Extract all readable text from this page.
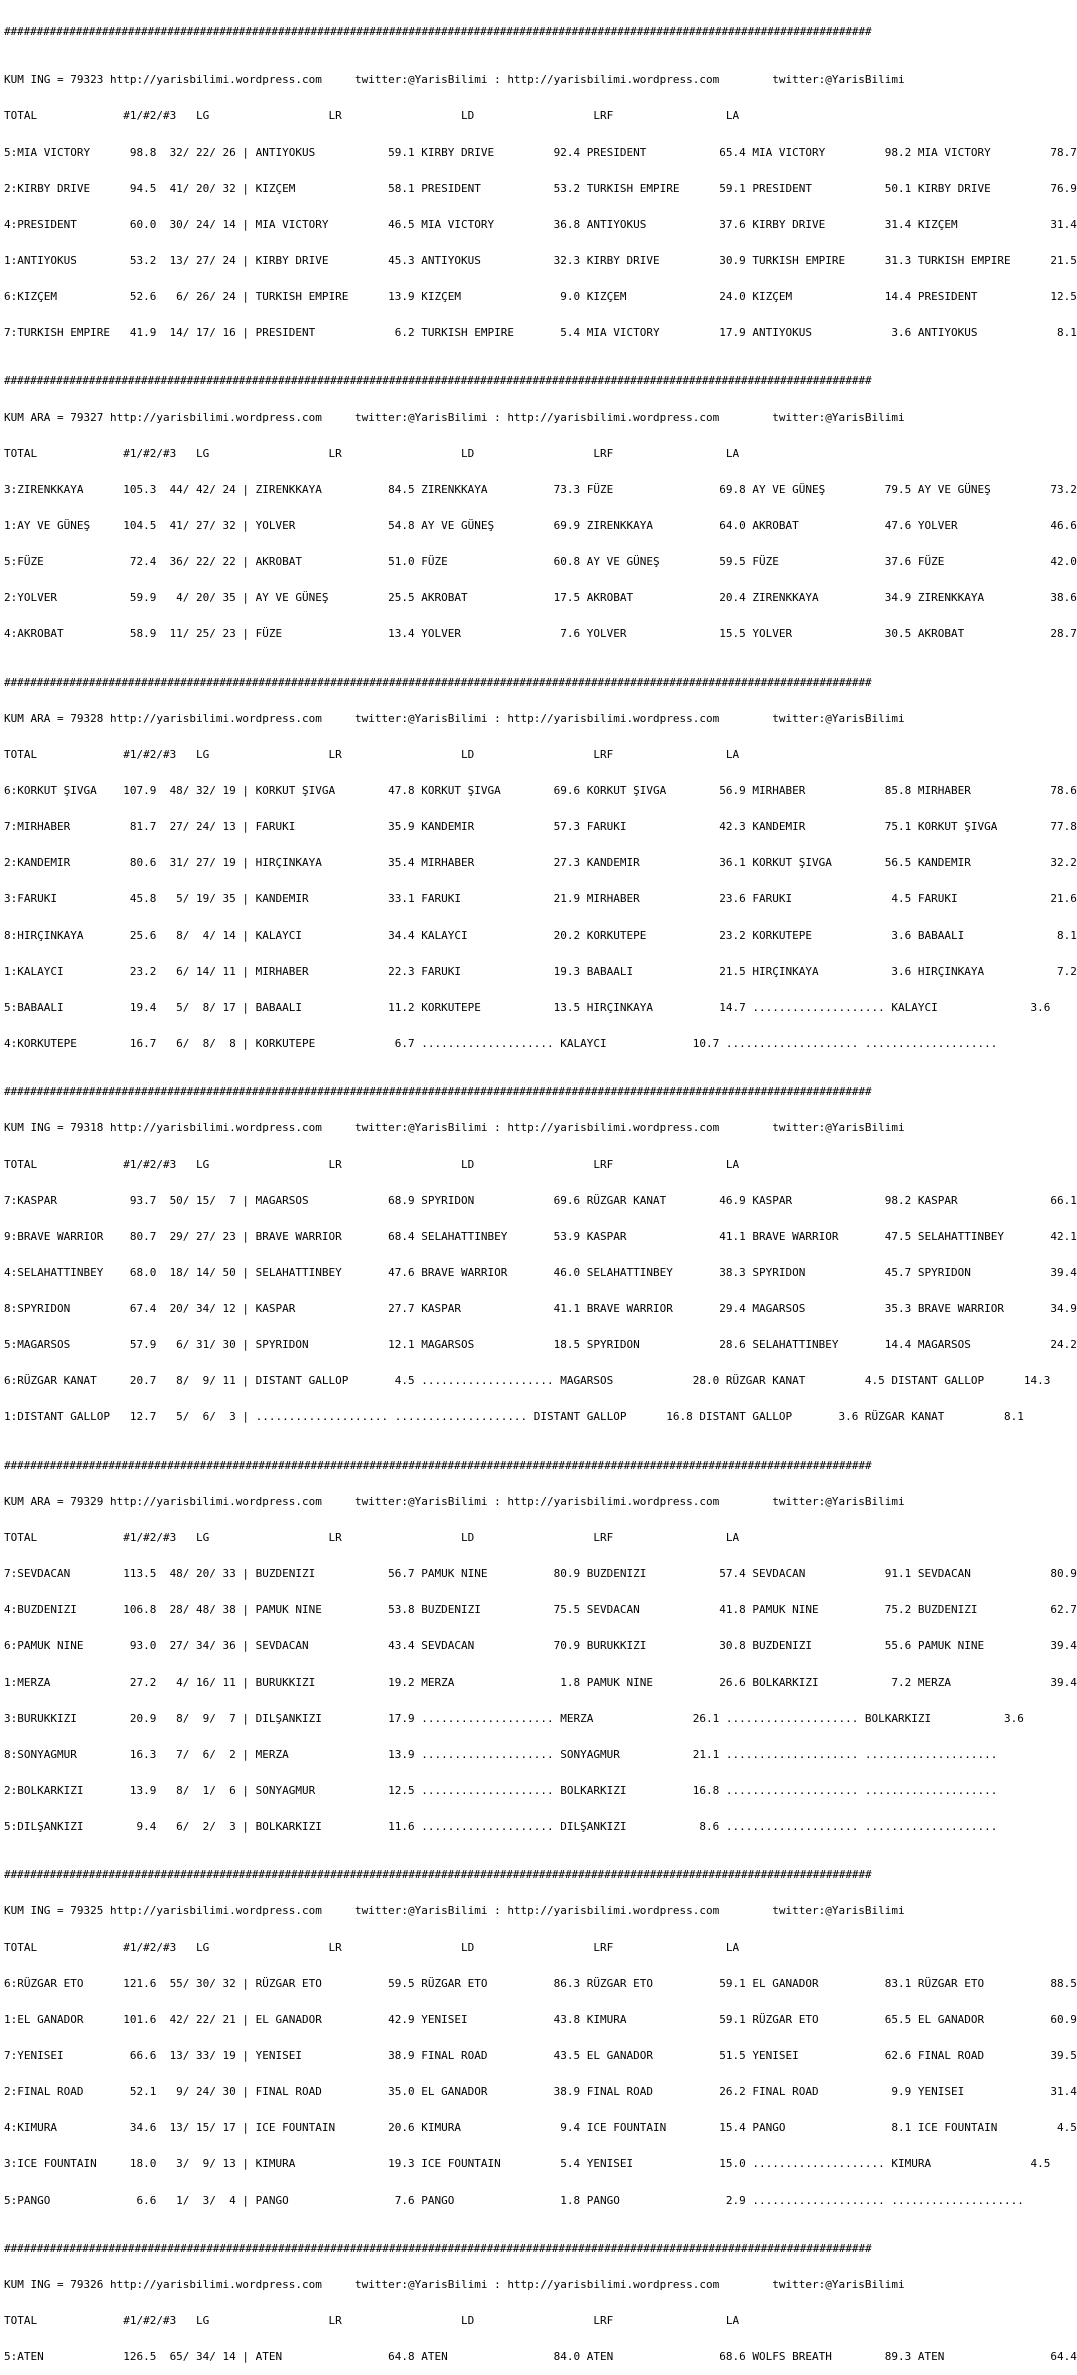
#####################################################################################################################################

KUM ING = 79323 http://yarisbilimi.wordpress.com     twitter:@YarisBilimi : http://yarisbilimi.wordpress.com        twitter:@YarisBilimi

TOTAL             #1/#2/#3   LG                  LR                  LD                  LRF                 LA

5:MIA VICTORY      98.8  32/ 22/ 26 | ANTIYOKUS           59.1 KIRBY DRIVE         92.4 PRESIDENT           65.4 MIA VICTORY         98.2 MIA VICTORY         78.7

2:KIRBY DRIVE      94.5  41/ 20/ 32 | KIZÇEM              58.1 PRESIDENT           53.2 TURKISH EMPIRE      59.1 PRESIDENT           50.1 KIRBY DRIVE         76.9

4:PRESIDENT        60.0  30/ 24/ 14 | MIA VICTORY         46.5 MIA VICTORY         36.8 ANTIYOKUS           37.6 KIRBY DRIVE         31.4 KIZÇEM              31.4

1:ANTIYOKUS        53.2  13/ 27/ 24 | KIRBY DRIVE         45.3 ANTIYOKUS           32.3 KIRBY DRIVE         30.9 TURKISH EMPIRE      31.3 TURKISH EMPIRE      21.5

6:KIZÇEM           52.6   6/ 26/ 24 | TURKISH EMPIRE      13.9 KIZÇEM               9.0 KIZÇEM              24.0 KIZÇEM              14.4 PRESIDENT           12.5

7:TURKISH EMPIRE   41.9  14/ 17/ 16 | PRESIDENT            6.2 TURKISH EMPIRE       5.4 MIA VICTORY         17.9 ANTIYOKUS            3.6 ANTIYOKUS            8.1

#####################################################################################################################################

KUM ARA = 79327 http://yarisbilimi.wordpress.com     twitter:@YarisBilimi : http://yarisbilimi.wordpress.com        twitter:@YarisBilimi

TOTAL             #1/#2/#3   LG                  LR                  LD                  LRF                 LA

3:ZIRENKKAYA      105.3  44/ 42/ 24 | ZIRENKKAYA          84.5 ZIRENKKAYA          73.3 FÜZE                69.8 AY VE GÜNEŞ         79.5 AY VE GÜNEŞ         73.2

1:AY VE GÜNEŞ     104.5  41/ 27/ 32 | YOLVER              54.8 AY VE GÜNEŞ         69.9 ZIRENKKAYA          64.0 AKROBAT             47.6 YOLVER              46.6

5:FÜZE             72.4  36/ 22/ 22 | AKROBAT             51.0 FÜZE                60.8 AY VE GÜNEŞ         59.5 FÜZE                37.6 FÜZE                42.0

2:YOLVER           59.9   4/ 20/ 35 | AY VE GÜNEŞ         25.5 AKROBAT             17.5 AKROBAT             20.4 ZIRENKKAYA          34.9 ZIRENKKAYA          38.6

4:AKROBAT          58.9  11/ 25/ 23 | FÜZE                13.4 YOLVER               7.6 YOLVER              15.5 YOLVER              30.5 AKROBAT             28.7

#####################################################################################################################################

KUM ARA = 79328 http://yarisbilimi.wordpress.com     twitter:@YarisBilimi : http://yarisbilimi.wordpress.com        twitter:@YarisBilimi

TOTAL             #1/#2/#3   LG                  LR                  LD                  LRF                 LA

6:KORKUT ŞIVGA    107.9  48/ 32/ 19 | KORKUT ŞIVGA        47.8 KORKUT ŞIVGA        69.6 KORKUT ŞIVGA        56.9 MIRHABER            85.8 MIRHABER            78.6

7:MIRHABER         81.7  27/ 24/ 13 | FARUKI              35.9 KANDEMIR            57.3 FARUKI              42.3 KANDEMIR            75.1 KORKUT ŞIVGA        77.8

2:KANDEMIR         80.6  31/ 27/ 19 | HIRÇINKAYA          35.4 MIRHABER            27.3 KANDEMIR            36.1 KORKUT ŞIVGA        56.5 KANDEMIR            32.2

3:FARUKI           45.8   5/ 19/ 35 | KANDEMIR            33.1 FARUKI              21.9 MIRHABER            23.6 FARUKI               4.5 FARUKI              21.6

8:HIRÇINKAYA       25.6   8/  4/ 14 | KALAYCI             34.4 KALAYCI             20.2 KORKUTEPE           23.2 KORKUTEPE            3.6 BABAALI              8.1

1:KALAYCI          23.2   6/ 14/ 11 | MIRHABER            22.3 FARUKI              19.3 BABAALI             21.5 HIRÇINKAYA           3.6 HIRÇINKAYA           7.2

5:BABAALI          19.4   5/  8/ 17 | BABAALI             11.2 KORKUTEPE           13.5 HIRÇINKAYA          14.7 .................... KALAYCI              3.6

4:KORKUTEPE        16.7   6/  8/  8 | KORKUTEPE            6.7 .................... KALAYCI             10.7 .................... ....................

#####################################################################################################################################

KUM ING = 79318 http://yarisbilimi.wordpress.com     twitter:@YarisBilimi : http://yarisbilimi.wordpress.com        twitter:@YarisBilimi

TOTAL             #1/#2/#3   LG                  LR                  LD                  LRF                 LA

7:KASPAR           93.7  50/ 15/  7 | MAGARSOS            68.9 SPYRIDON            69.6 RÜZGAR KANAT        46.9 KASPAR              98.2 KASPAR              66.1

9:BRAVE WARRIOR    80.7  29/ 27/ 23 | BRAVE WARRIOR       68.4 SELAHATTINBEY       53.9 KASPAR              41.1 BRAVE WARRIOR       47.5 SELAHATTINBEY       42.1

4:SELAHATTINBEY    68.0  18/ 14/ 50 | SELAHATTINBEY       47.6 BRAVE WARRIOR       46.0 SELAHATTINBEY       38.3 SPYRIDON            45.7 SPYRIDON            39.4

8:SPYRIDON         67.4  20/ 34/ 12 | KASPAR              27.7 KASPAR              41.1 BRAVE WARRIOR       29.4 MAGARSOS            35.3 BRAVE WARRIOR       34.9

5:MAGARSOS         57.9   6/ 31/ 30 | SPYRIDON            12.1 MAGARSOS            18.5 SPYRIDON            28.6 SELAHATTINBEY       14.4 MAGARSOS            24.2

6:RÜZGAR KANAT     20.7   8/  9/ 11 | DISTANT GALLOP       4.5 .................... MAGARSOS            28.0 RÜZGAR KANAT         4.5 DISTANT GALLOP      14.3

1:DISTANT GALLOP   12.7   5/  6/  3 | .................... .................... DISTANT GALLOP      16.8 DISTANT GALLOP       3.6 RÜZGAR KANAT         8.1

#####################################################################################################################################

KUM ARA = 79329 http://yarisbilimi.wordpress.com     twitter:@YarisBilimi : http://yarisbilimi.wordpress.com        twitter:@YarisBilimi

TOTAL             #1/#2/#3   LG                  LR                  LD                  LRF                 LA

7:SEVDACAN        113.5  48/ 20/ 33 | BUZDENIZI           56.7 PAMUK NINE          80.9 BUZDENIZI           57.4 SEVDACAN            91.1 SEVDACAN            80.9

4:BUZDENIZI       106.8  28/ 48/ 38 | PAMUK NINE          53.8 BUZDENIZI           75.5 SEVDACAN            41.8 PAMUK NINE          75.2 BUZDENIZI           62.7

6:PAMUK NINE       93.0  27/ 34/ 36 | SEVDACAN            43.4 SEVDACAN            70.9 BURUKKIZI           30.8 BUZDENIZI           55.6 PAMUK NINE          39.4

1:MERZA            27.2   4/ 16/ 11 | BURUKKIZI           19.2 MERZA                1.8 PAMUK NINE          26.6 BOLKARKIZI           7.2 MERZA               39.4

3:BURUKKIZI        20.9   8/  9/  7 | DILŞANKIZI          17.9 .................... MERZA               26.1 .................... BOLKARKIZI           3.6

8:SONYAGMUR        16.3   7/  6/  2 | MERZA               13.9 .................... SONYAGMUR           21.1 .................... ....................

2:BOLKARKIZI       13.9   8/  1/  6 | SONYAGMUR           12.5 .................... BOLKARKIZI          16.8 .................... ....................

5:DILŞANKIZI        9.4   6/  2/  3 | BOLKARKIZI          11.6 .................... DILŞANKIZI           8.6 .................... ....................

#####################################################################################################################################

KUM ING = 79325 http://yarisbilimi.wordpress.com     twitter:@YarisBilimi : http://yarisbilimi.wordpress.com        twitter:@YarisBilimi

TOTAL             #1/#2/#3   LG                  LR                  LD                  LRF                 LA

6:RÜZGAR ETO      121.6  55/ 30/ 32 | RÜZGAR ETO          59.5 RÜZGAR ETO          86.3 RÜZGAR ETO          59.1 EL GANADOR          83.1 RÜZGAR ETO          88.5

1:EL GANADOR      101.6  42/ 22/ 21 | EL GANADOR          42.9 YENISEI             43.8 KIMURA              59.1 RÜZGAR ETO          65.5 EL GANADOR          60.9

7:YENISEI          66.6  13/ 33/ 19 | YENISEI             38.9 FINAL ROAD          43.5 EL GANADOR          51.5 YENISEI             62.6 FINAL ROAD          39.5

2:FINAL ROAD       52.1   9/ 24/ 30 | FINAL ROAD          35.0 EL GANADOR          38.9 FINAL ROAD          26.2 FINAL ROAD           9.9 YENISEI             31.4

4:KIMURA           34.6  13/ 15/ 17 | ICE FOUNTAIN        20.6 KIMURA               9.4 ICE FOUNTAIN        15.4 PANGO                8.1 ICE FOUNTAIN         4.5

3:ICE FOUNTAIN     18.0   3/  9/ 13 | KIMURA              19.3 ICE FOUNTAIN         5.4 YENISEI             15.0 .................... KIMURA               4.5

5:PANGO             6.6   1/  3/  4 | PANGO                7.6 PANGO                1.8 PANGO                2.9 .................... ....................

#####################################################################################################################################

KUM ING = 79326 http://yarisbilimi.wordpress.com     twitter:@YarisBilimi : http://yarisbilimi.wordpress.com        twitter:@YarisBilimi

TOTAL             #1/#2/#3   LG                  LR                  LD                  LRF                 LA

5:ATEN            126.5  65/ 34/ 14 | ATEN                64.8 ATEN                84.0 ATEN                68.6 WOLFS BREATH        89.3 ATEN                64.4
